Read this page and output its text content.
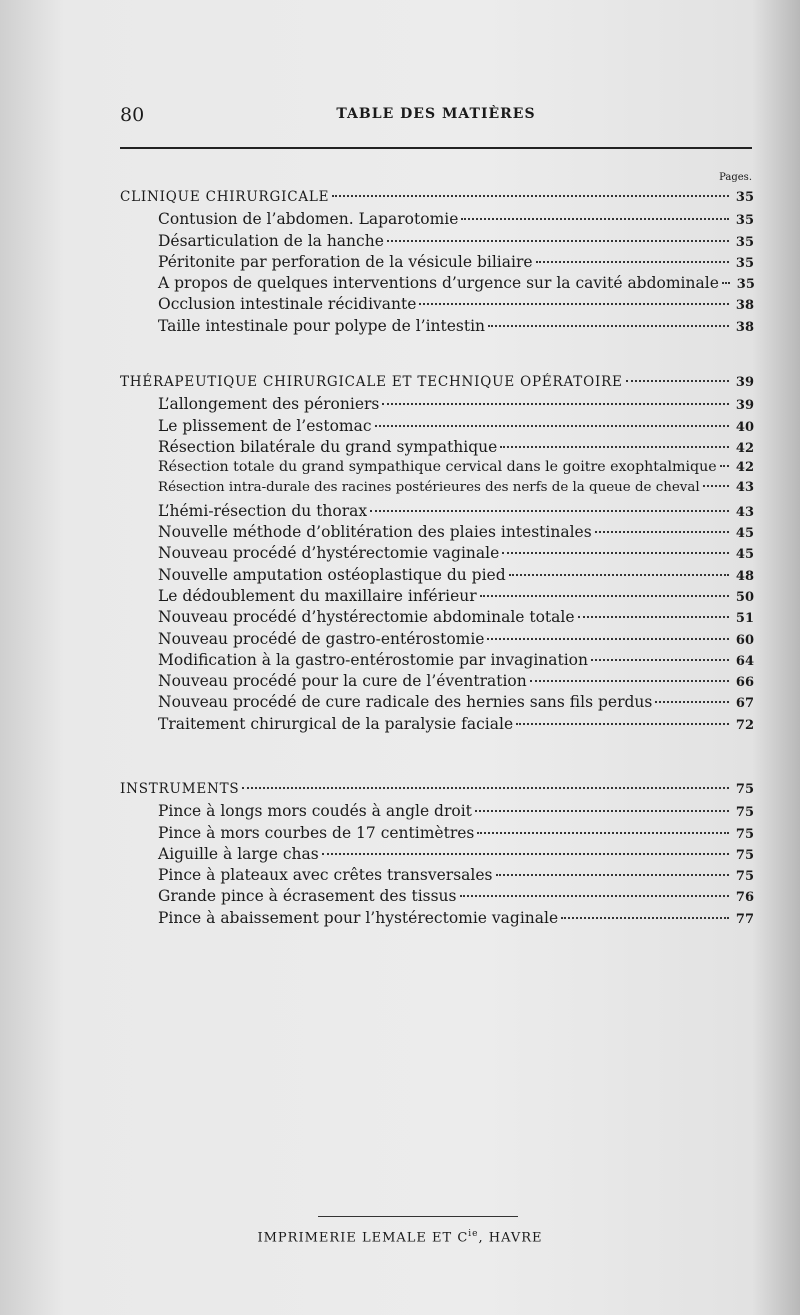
80	TABLE DES MATIÈRES
Pages.
CLINIQUE CHIRURGICALE	35
Contusion de l’abdomen. Laparotomie	35
Désarticulation de la hanche	35
Péritonite par perforation de la vésicule biliaire	35
A propos de quelques interventions d’urgence sur la cavité abdominale	35
Occlusion intestinale récidivante	38
Taille intestinale pour polype de l’intestin	38
THÉRAPEUTIQUE CHIRURGICALE ET TECHNIQUE OPÉRATOIRE	39
L’allongement des péroniers	39
Le plissement de l’estomac	40
Résection bilatérale du grand sympathique	42
Résection totale du grand sympathique cervical dans le goitre exophtalmique	42
Résection intra-durale des racines postérieures des nerfs de la queue de cheval	43
L’hémi-résection du thorax	43
Nouvelle méthode d’oblitération des plaies intestinales	45
Nouveau procédé d’hystérectomie vaginale	45
Nouvelle amputation ostéoplastique du pied	48
Le dédoublement du maxillaire inférieur	50
Nouveau procédé d’hystérectomie abdominale totale	51
Nouveau procédé de gastro-entérostomie	60
Modification à la gastro-entérostomie par invagination	64
Nouveau procédé pour la cure de l’éventration	66
Nouveau procédé de cure radicale des hernies sans fils perdus	67
Traitement chirurgical de la paralysie faciale	72
INSTRUMENTS	75
Pince à longs mors coudés à angle droit	75
Pince à mors courbes de 17 centimètres	75
Aiguille à large chas	75
Pince à plateaux avec crêtes transversales	75
Grande pince à écrasement des tissus	76
Pince à abaissement pour l’hystérectomie vaginale	77
IMPRIMERIE LEMALE ET $C^{ie}$, HAVRE
